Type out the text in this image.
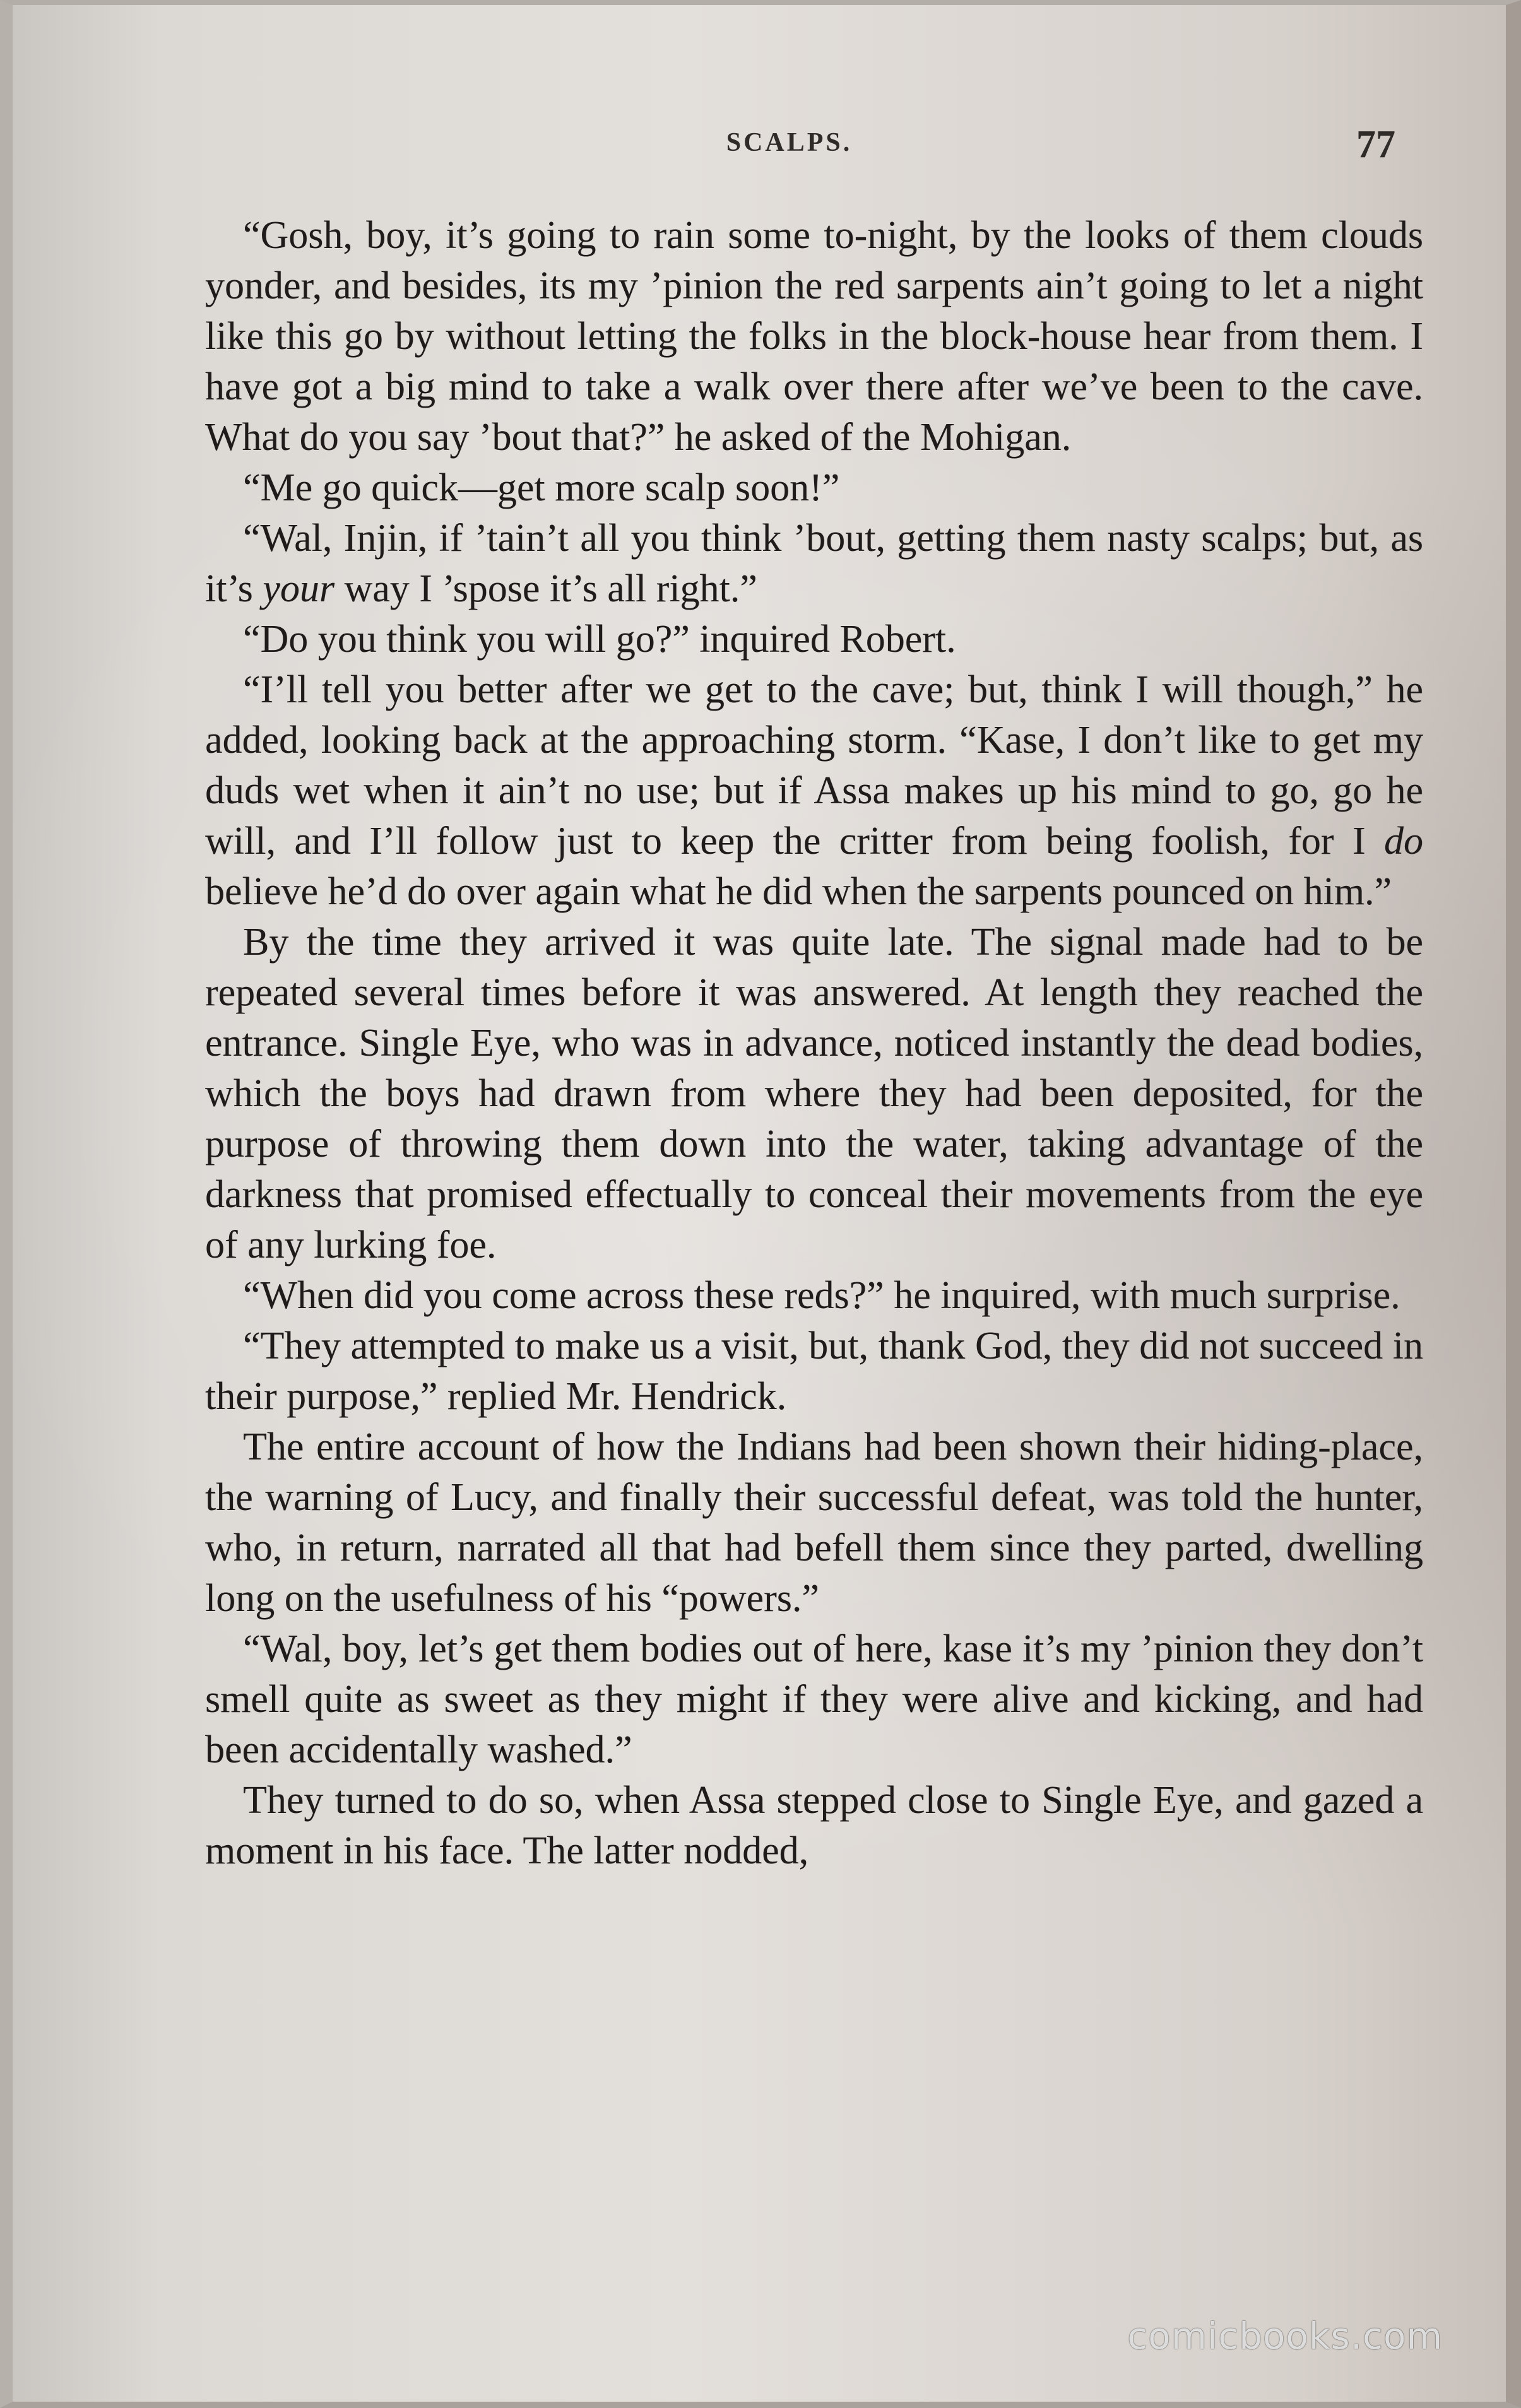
SCALPS.	77

“Gosh, boy, it’s going to rain some to-night, by the looks of them clouds yonder, and besides, its my ’pinion the red sarpents ain’t going to let a night like this go by without letting the folks in the block-house hear from them. I have got a big mind to take a walk over there after we’ve been to the cave. What do you say ’bout that?” he asked of the Mohigan.

“Me go quick—get more scalp soon!”

“Wal, Injin, if ’tain’t all you think ’bout, getting them nasty scalps; but, as it’s your way I ’spose it’s all right.”

“Do you think you will go?” inquired Robert.

“I’ll tell you better after we get to the cave; but, think I will though,” he added, looking back at the approaching storm. “Kase, I don’t like to get my duds wet when it ain’t no use; but if Assa makes up his mind to go, go he will, and I’ll follow just to keep the critter from being foolish, for I do believe he’d do over again what he did when the sarpents pounced on him.”

By the time they arrived it was quite late. The signal made had to be repeated several times before it was answered. At length they reached the entrance. Single Eye, who was in advance, noticed instantly the dead bodies, which the boys had drawn from where they had been deposited, for the purpose of throwing them down into the water, taking advantage of the darkness that promised effectually to conceal their movements from the eye of any lurking foe.

“When did you come across these reds?” he inquired, with much surprise.

“They attempted to make us a visit, but, thank God, they did not succeed in their purpose,” replied Mr. Hendrick.

The entire account of how the Indians had been shown their hiding-place, the warning of Lucy, and finally their successful defeat, was told the hunter, who, in return, narrated all that had befell them since they parted, dwelling long on the usefulness of his “powers.”

“Wal, boy, let’s get them bodies out of here, kase it’s my ’pinion they don’t smell quite as sweet as they might if they were alive and kicking, and had been accidentally washed.”

They turned to do so, when Assa stepped close to Single Eye, and gazed a moment in his face. The latter nodded,

comicbooks.com
